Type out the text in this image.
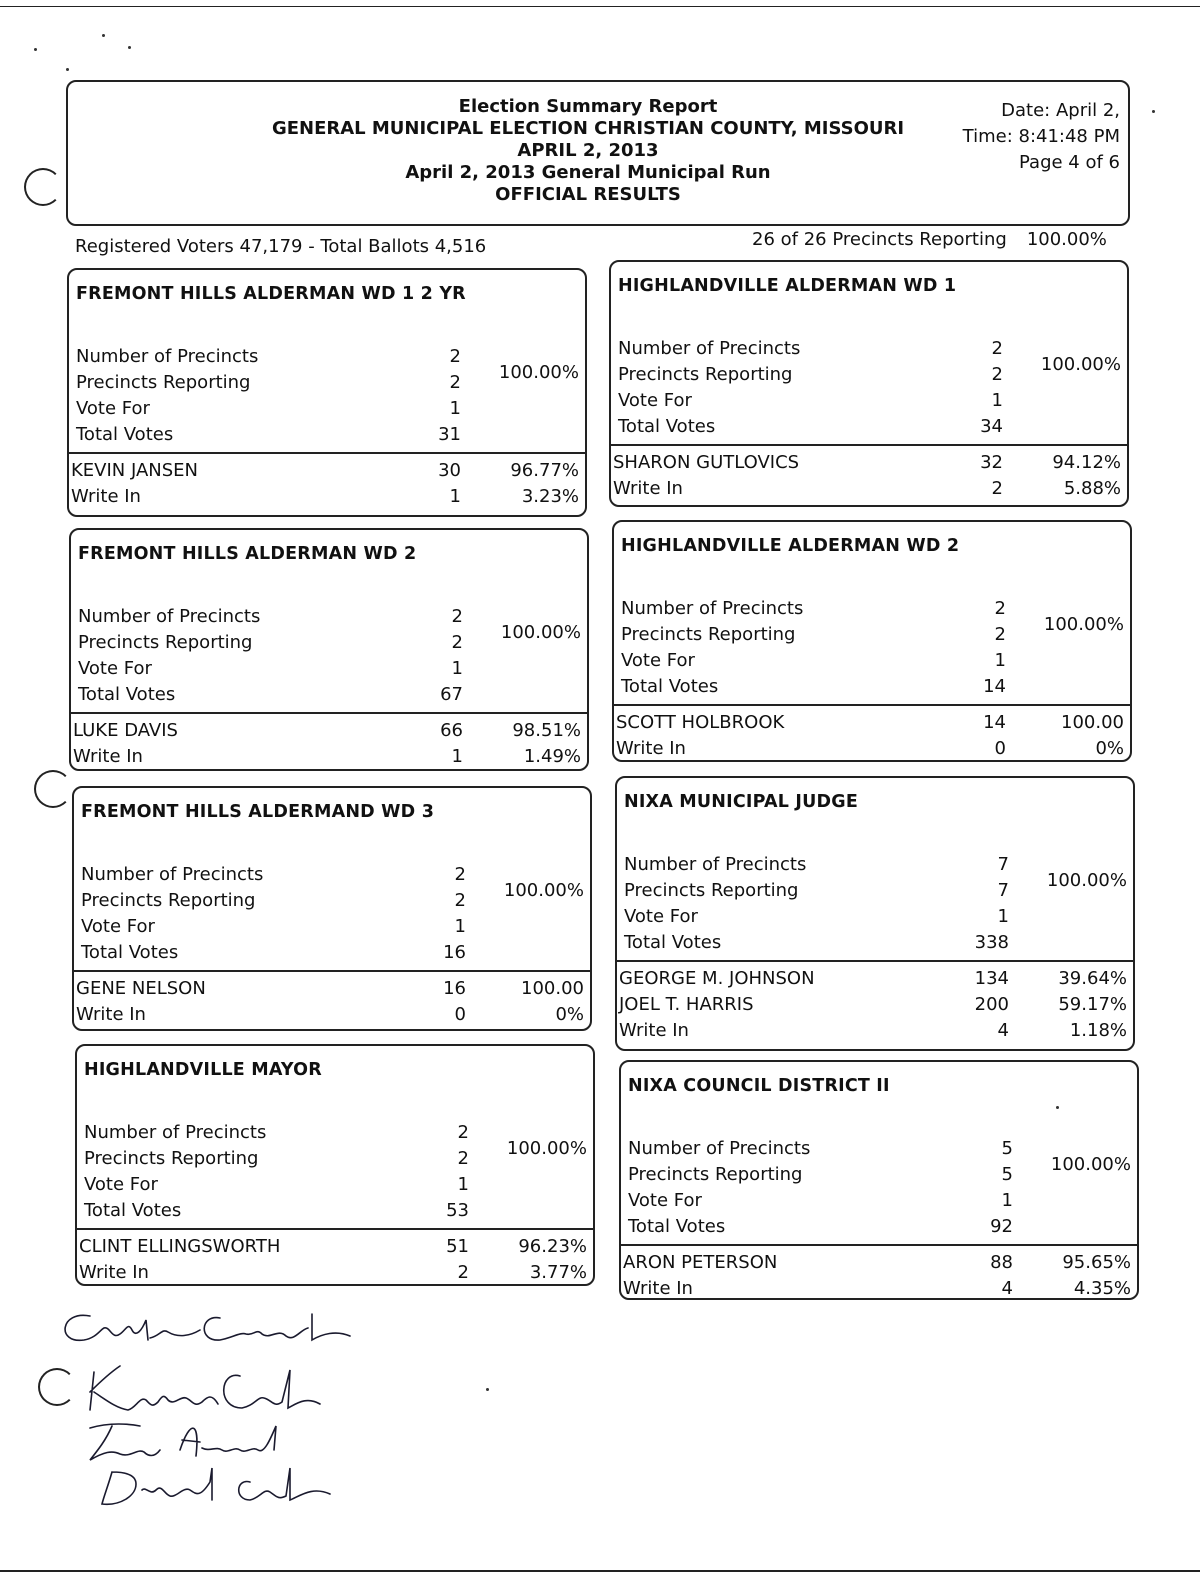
Election Summary Report
GENERAL MUNICIPAL ELECTION CHRISTIAN COUNTY, MISSOURI
APRIL 2, 2013
April 2, 2013 General Municipal Run
OFFICIAL RESULTS
Date: April 2,
Time: 8:41:48 PM
Page 4 of 6
Registered Voters 47,179 - Total Ballots 4,516	26 of 26 Precincts Reporting 100.00%
FREMONT HILLS ALDERMAN WD 1 2 YR
Number of Precincts	2
Precincts Reporting	2 100.00%
Vote For	1
Total Votes	31
KEVIN JANSEN	30	96.77%
Write In	1	3.23%
FREMONT HILLS ALDERMAN WD 2
Number of Precincts	2
Precincts Reporting	2 100.00%
Vote For	1
Total Votes	67
LUKE DAVIS	66	98.51%
Write In	1	1.49%
FREMONT HILLS ALDERMAND WD 3
Number of Precincts	2
Precincts Reporting	2 100.00%
Vote For	1
Total Votes	16
GENE NELSON	16	100.00
Write In	0	0%
HIGHLANDVILLE MAYOR
Number of Precincts	2
Precincts Reporting	2 100.00%
Vote For	1
Total Votes	53
CLINT ELLINGSWORTH	51	96.23%
Write In	2	3.77%
HIGHLANDVILLE ALDERMAN WD 1
Number of Precincts	2
Precincts Reporting	2 100.00%
Vote For	1
Total Votes	34
SHARON GUTLOVICS	32	94.12%
Write In	2	5.88%
HIGHLANDVILLE ALDERMAN WD 2
Number of Precincts	2
Precincts Reporting	2 100.00%
Vote For	1
Total Votes	14
SCOTT HOLBROOK	14	100.00
Write In	0	0%
NIXA MUNICIPAL JUDGE
Number of Precincts	7
Precincts Reporting	7 100.00%
Vote For	1
Total Votes	338
GEORGE M. JOHNSON	134	39.64%
JOEL T. HARRIS	200	59.17%
Write In	4	1.18%
NIXA COUNCIL DISTRICT II
Number of Precincts	5
Precincts Reporting	5 100.00%
Vote For	1
Total Votes	92
ARON PETERSON	88	95.65%
Write In	4	4.35%
